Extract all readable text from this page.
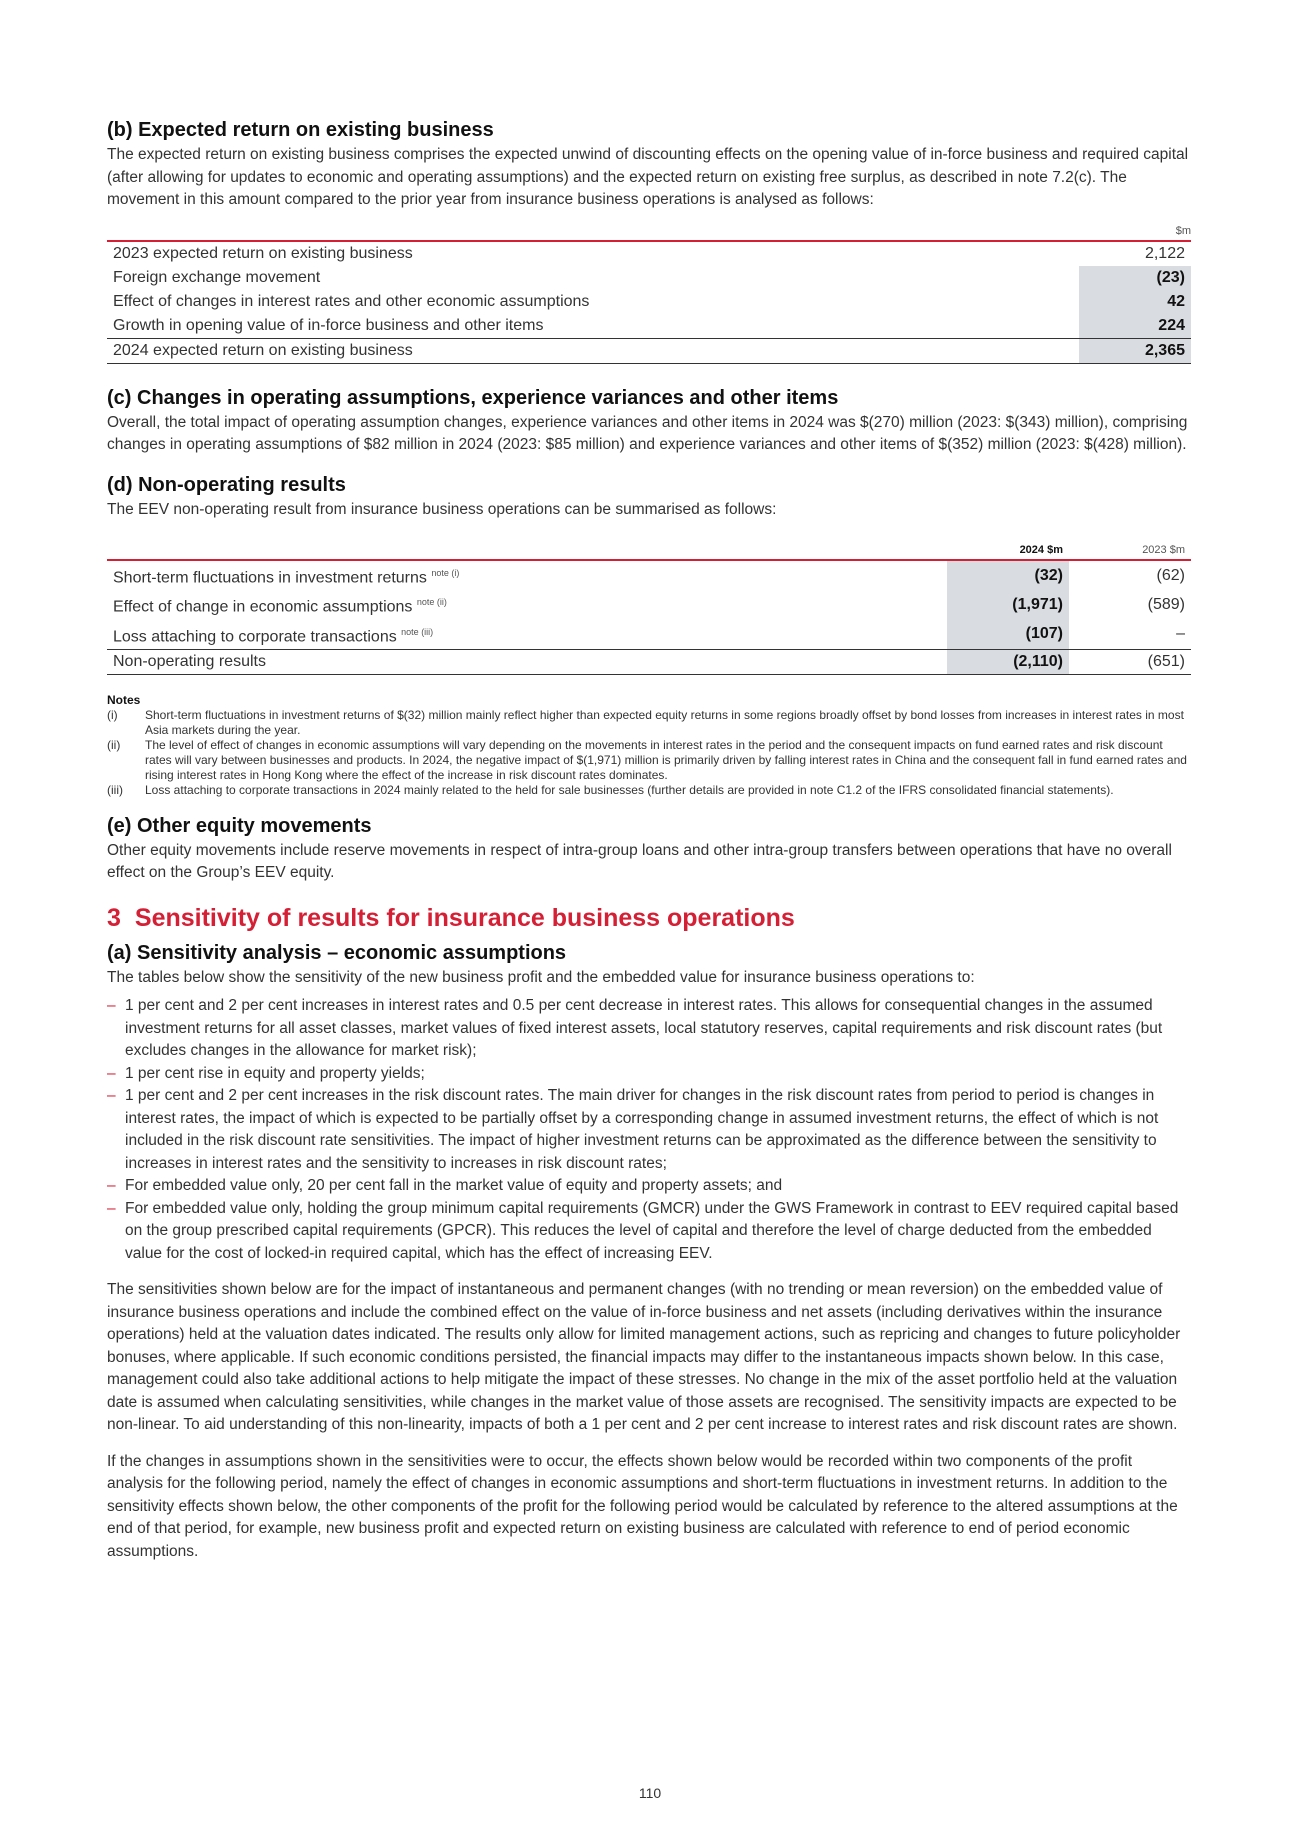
(b) Expected return on existing business

The expected return on existing business comprises the expected unwind of discounting effects on the opening value of in-force business and required capital (after allowing for updates to economic and operating assumptions) and the expected return on existing free surplus, as described in note 7.2(c). The movement in this amount compared to the prior year from insurance business operations is analysed as follows:

$m
2023 expected return on existing business	2,122
Foreign exchange movement	(23)
Effect of changes in interest rates and other economic assumptions	42
Growth in opening value of in-force business and other items	224
2024 expected return on existing business	2,365
(c) Changes in operating assumptions, experience variances and other items

Overall, the total impact of operating assumption changes, experience variances and other items in 2024 was $(270) million (2023: $(343) million), comprising changes in operating assumptions of $82 million in 2024 (2023: $85 million) and experience variances and other items of $(352) million (2023: $(428) million).

(d) Non-operating results

The EEV non-operating result from insurance business operations can be summarised as follows:

	2024 $m	2023 $m
Short-term fluctuations in investment returns $^{note (i)}$	(32)	(62)
Effect of change in economic assumptions $^{note (ii)}$	(1,971)	(589)
Loss attaching to corporate transactions $^{note (iii)}$	(107)	–
Non-operating results	(2,110)	(651)
Notes
(i)	Short-term fluctuations in investment returns of $(32) million mainly reflect higher than expected equity returns in some regions broadly offset by bond losses from increases in interest rates in most Asia markets during the year.
(ii)	The level of effect of changes in economic assumptions will vary depending on the movements in interest rates in the period and the consequent impacts on fund earned rates and risk discount rates will vary between businesses and products. In 2024, the negative impact of $(1,971) million is primarily driven by falling interest rates in China and the consequent fall in fund earned rates and rising interest rates in Hong Kong where the effect of the increase in risk discount rates dominates.
(iii)	Loss attaching to corporate transactions in 2024 mainly related to the held for sale businesses (further details are provided in note C1.2 of the IFRS consolidated financial statements).
(e) Other equity movements

Other equity movements include reserve movements in respect of intra-group loans and other intra-group transfers between operations that have no overall effect on the Group’s EEV equity.

3 Sensitivity of results for insurance business operations
(a) Sensitivity analysis – economic assumptions

The tables below show the sensitivity of the new business profit and the embedded value for insurance business operations to:

– 1 per cent and 2 per cent increases in interest rates and 0.5 per cent decrease in interest rates. This allows for consequential changes in the assumed investment returns for all asset classes, market values of fixed interest assets, local statutory reserves, capital requirements and risk discount rates (but excludes changes in the allowance for market risk);
– 1 per cent rise in equity and property yields;
– 1 per cent and 2 per cent increases in the risk discount rates. The main driver for changes in the risk discount rates from period to period is changes in interest rates, the impact of which is expected to be partially offset by a corresponding change in assumed investment returns, the effect of which is not included in the risk discount rate sensitivities. The impact of higher investment returns can be approximated as the difference between the sensitivity to increases in interest rates and the sensitivity to increases in risk discount rates;
– For embedded value only, 20 per cent fall in the market value of equity and property assets; and
– For embedded value only, holding the group minimum capital requirements (GMCR) under the GWS Framework in contrast to EEV required capital based on the group prescribed capital requirements (GPCR). This reduces the level of capital and therefore the level of charge deducted from the embedded value for the cost of locked-in required capital, which has the effect of increasing EEV.

The sensitivities shown below are for the impact of instantaneous and permanent changes (with no trending or mean reversion) on the embedded value of insurance business operations and include the combined effect on the value of in-force business and net assets (including derivatives within the insurance operations) held at the valuation dates indicated. The results only allow for limited management actions, such as repricing and changes to future policyholder bonuses, where applicable. If such economic conditions persisted, the financial impacts may differ to the instantaneous impacts shown below. In this case, management could also take additional actions to help mitigate the impact of these stresses. No change in the mix of the asset portfolio held at the valuation date is assumed when calculating sensitivities, while changes in the market value of those assets are recognised. The sensitivity impacts are expected to be non-linear. To aid understanding of this non-linearity, impacts of both a 1 per cent and 2 per cent increase to interest rates and risk discount rates are shown.

If the changes in assumptions shown in the sensitivities were to occur, the effects shown below would be recorded within two components of the profit analysis for the following period, namely the effect of changes in economic assumptions and short-term fluctuations in investment returns. In addition to the sensitivity effects shown below, the other components of the profit for the following period would be calculated by reference to the altered assumptions at the end of that period, for example, new business profit and expected return on existing business are calculated with reference to end of period economic assumptions.

110
